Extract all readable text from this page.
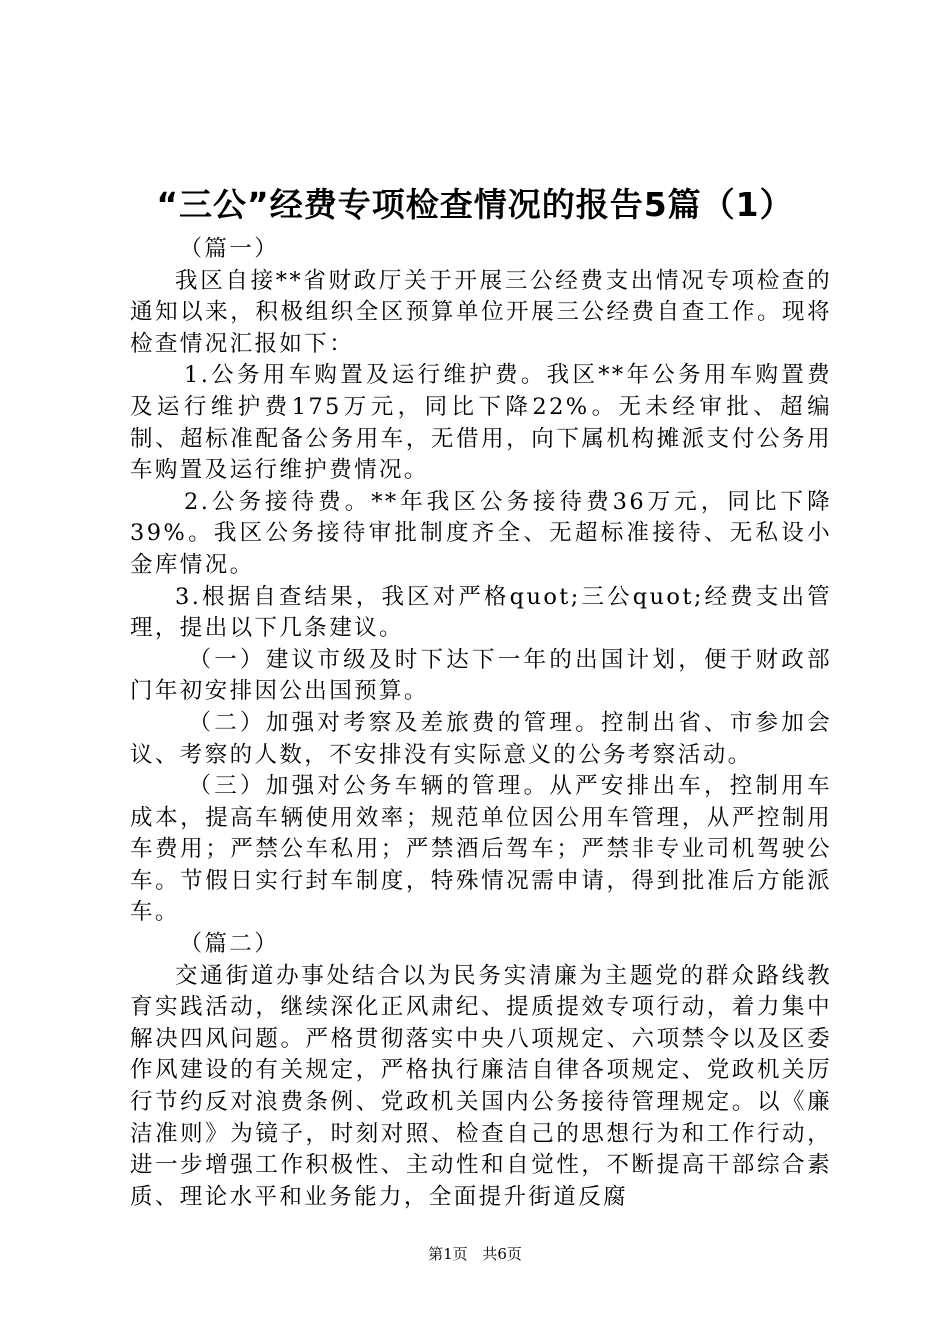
“三公”经费专项检查情况的报告5篇（1）

（篇一）

我区自接**省财政厅关于开展三公经费支出情况专项检查的通知以来，积极组织全区预算单位开展三公经费自查工作。现将检查情况汇报如下：

1.公务用车购置及运行维护费。我区**年公务用车购置费及运行维护费175万元，同比下降22%。无未经审批、超编制、超标准配备公务用车，无借用，向下属机构摊派支付公务用车购置及运行维护费情况。

2.公务接待费。**年我区公务接待费36万元，同比下降39%。我区公务接待审批制度齐全、无超标准接待、无私设小金库情况。

3.根据自查结果，我区对严格quot;三公quot;经费支出管理，提出以下几条建议。

（一）建议市级及时下达下一年的出国计划，便于财政部门年初安排因公出国预算。

（二）加强对考察及差旅费的管理。控制出省、市参加会议、考察的人数，不安排没有实际意义的公务考察活动。

（三）加强对公务车辆的管理。从严安排出车，控制用车成本，提高车辆使用效率；规范单位因公用车管理，从严控制用车费用；严禁公车私用；严禁酒后驾车；严禁非专业司机驾驶公车。节假日实行封车制度，特殊情况需申请，得到批准后方能派车。

（篇二）

交通街道办事处结合以为民务实清廉为主题党的群众路线教育实践活动，继续深化正风肃纪、提质提效专项行动，着力集中解决四风问题。严格贯彻落实中央八项规定、六项禁令以及区委作风建设的有关规定，严格执行廉洁自律各项规定、党政机关厉行节约反对浪费条例、党政机关国内公务接待管理规定。以《廉洁准则》为镜子，时刻对照、检查自己的思想行为和工作行动，进一步增强工作积极性、主动性和自觉性，不断提高干部综合素质、理论水平和业务能力，全面提升街道反腐

第1页 共6页
